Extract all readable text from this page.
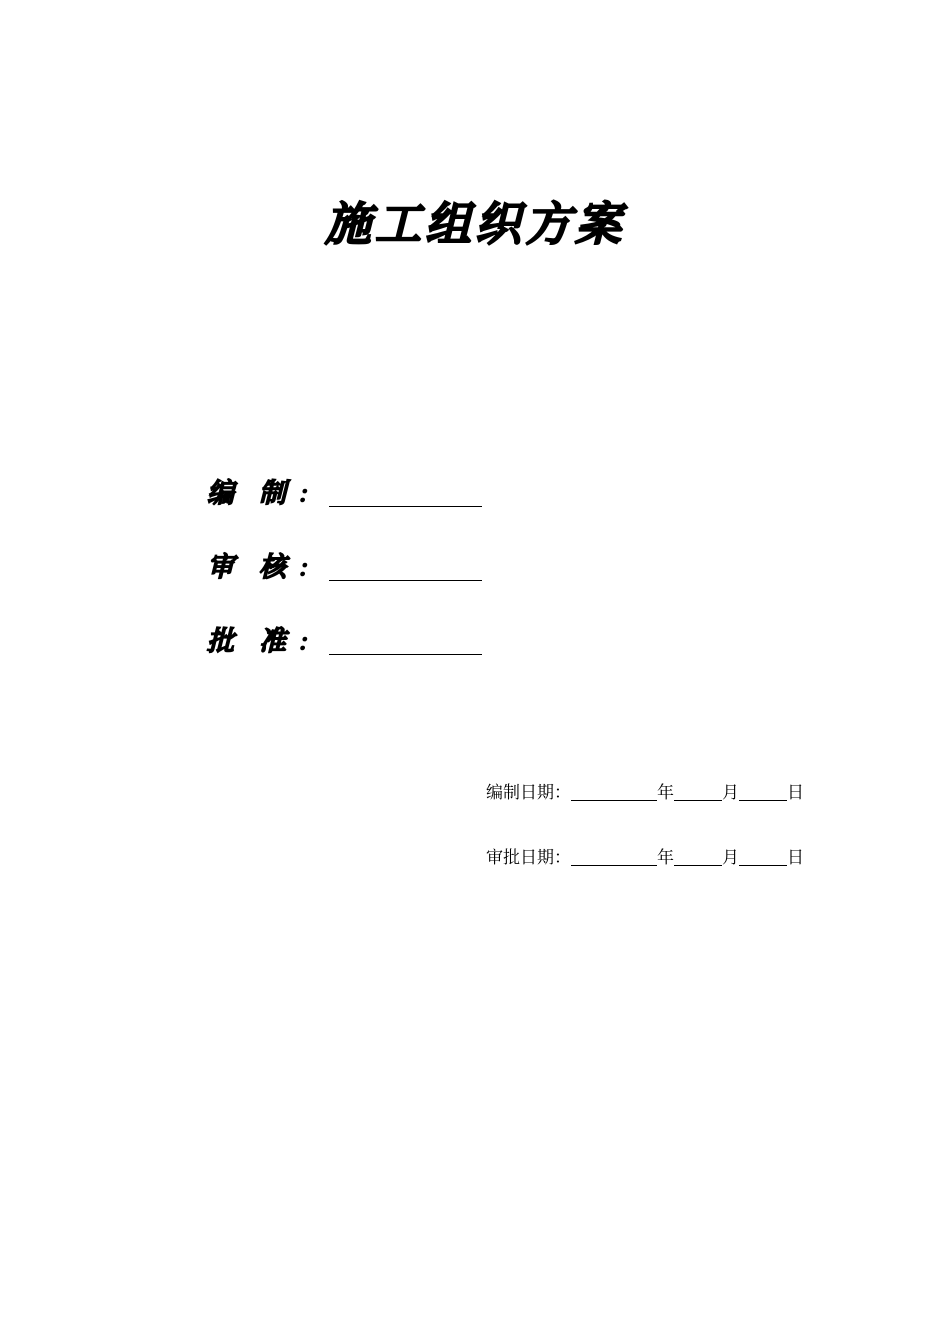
施工组织方案
编 制 ：
审 核 ：
批 准 ：
编制日期：	年	月	日
审批日期：	年	月	日
